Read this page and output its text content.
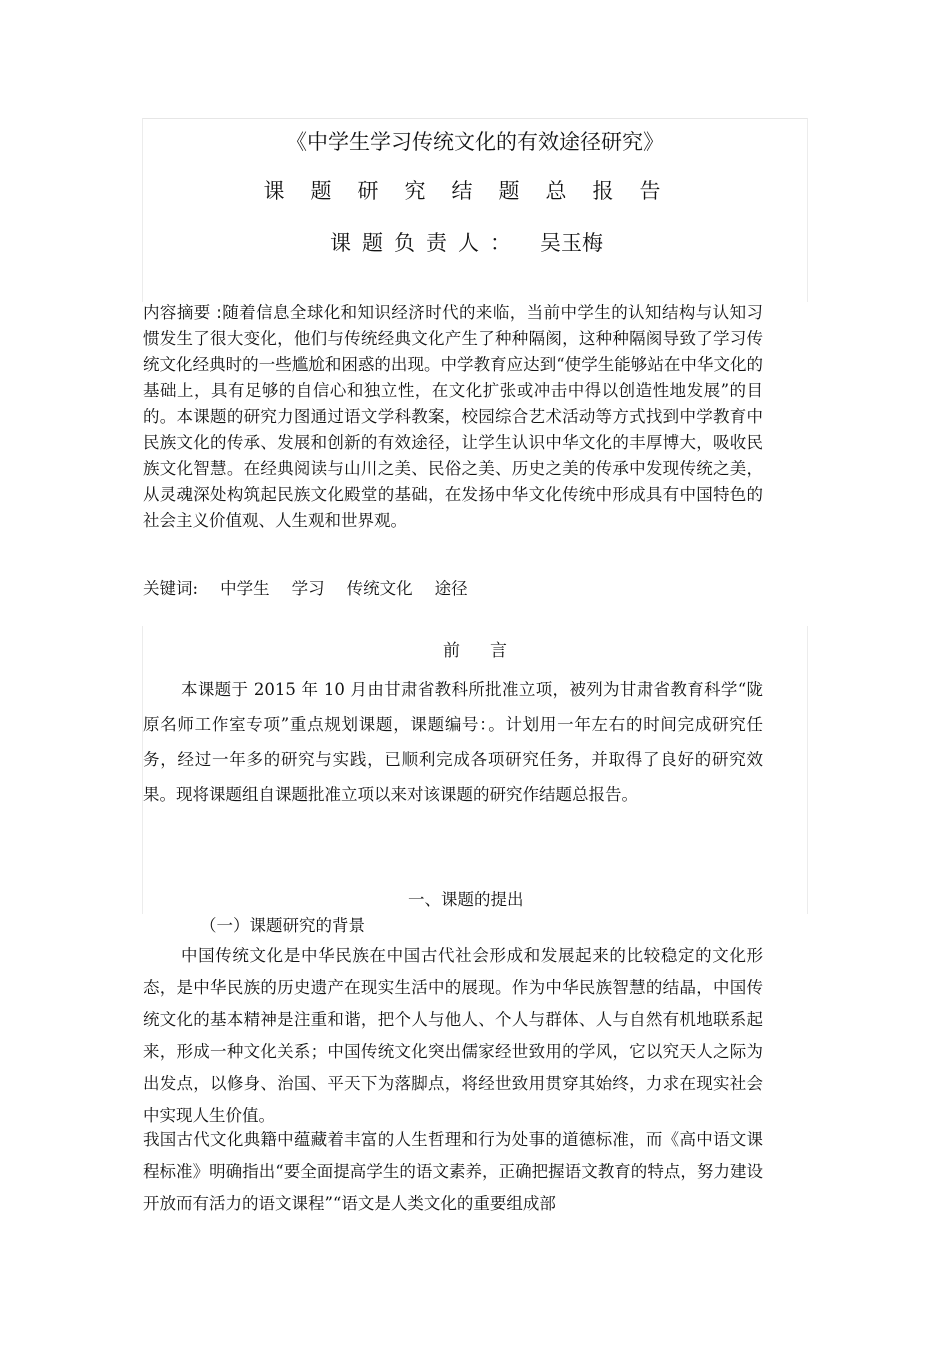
《中学生学习传统文化的有效途径研究》
课题研究结题总报告
课题负责人： 吴玉梅
内容摘要 :随着信息全球化和知识经济时代的来临，当前中学生的认知结构与认知习惯发生了很大变化，他们与传统经典文化产生了种种隔阂，这种种隔阂导致了学习传统文化经典时的一些尴尬和困惑的出现。中学教育应达到“使学生能够站在中华文化的基础上，具有足够的自信心和独立性，在文化扩张或冲击中得以创造性地发展”的目的。本课题的研究力图通过语文学科教案，校园综合艺术活动等方式找到中学教育中民族文化的传承、发展和创新的有效途径，让学生认识中华文化的丰厚博大，吸收民族文化智慧。在经典阅读与山川之美、民俗之美、历史之美的传承中发现传统之美，从灵魂深处构筑起民族文化殿堂的基础，在发扬中华文化传统中形成具有中国特色的社会主义价值观、人生观和世界观。
关键词: 中学生 学习 传统文化 途径
前言
本课题于 2015 年 10 月由甘肃省教科所批准立项，被列为甘肃省教育科学“陇原名师工作室专项”重点规划课题，课题编号：。计划用一年左右的时间完成研究任务，经过一年多的研究与实践，已顺利完成各项研究任务，并取得了良好的研究效果。现将课题组自课题批准立项以来对该课题的研究作结题总报告。
一、课题的提出
（一）课题研究的背景
中国传统文化是中华民族在中国古代社会形成和发展起来的比较稳定的文化形态，是中华民族的历史遗产在现实生活中的展现。作为中华民族智慧的结晶，中国传统文化的基本精神是注重和谐，把个人与他人、个人与群体、人与自然有机地联系起来，形成一种文化关系；中国传统文化突出儒家经世致用的学风，它以究天人之际为出发点，以修身、治国、平天下为落脚点，将经世致用贯穿其始终，力求在现实社会中实现人生价值。
我国古代文化典籍中蕴藏着丰富的人生哲理和行为处事的道德标准，而《高中语文课程标准》明确指出“要全面提高学生的语文素养，正确把握语文教育的特点，努力建设开放而有活力的语文课程”“语文是人类文化的重要组成部
